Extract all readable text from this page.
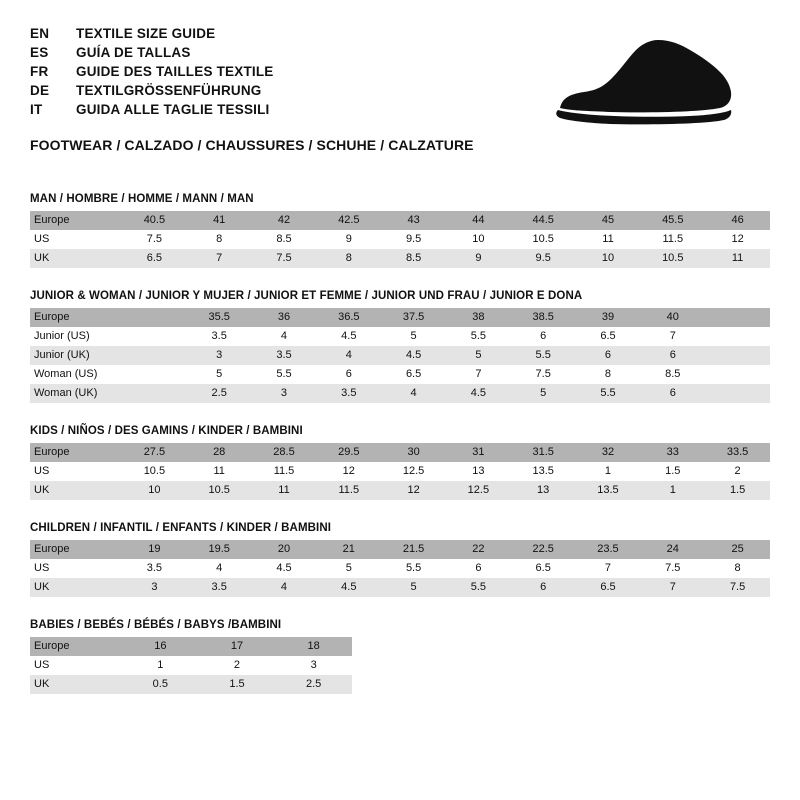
EN	TEXTILE SIZE GUIDE
ES	GUÍA DE TALLAS
FR	GUIDE DES TAILLES TEXTILE
DE	TEXTILGRÖSSENFÜHRUNG
IT	GUIDA ALLE TAGLIE TESSILI
FOOTWEAR / CALZADO / CHAUSSURES / SCHUHE / CALZATURE
MAN / HOMBRE / HOMME / MANN / MAN
Europe	40.5	41	42	42.5	43	44	44.5	45	45.5	46
US	7.5	8	8.5	9	9.5	10	10.5	11	11.5	12
UK	6.5	7	7.5	8	8.5	9	9.5	10	10.5	11
JUNIOR & WOMAN / JUNIOR Y MUJER / JUNIOR ET FEMME / JUNIOR UND FRAU / JUNIOR E DONA
Europe		35.5	36	36.5	37.5	38	38.5	39	40	
Junior (US)		3.5	4	4.5	5	5.5	6	6.5	7	
Junior (UK)		3	3.5	4	4.5	5	5.5	6	6	
Woman (US)		5	5.5	6	6.5	7	7.5	8	8.5	
Woman (UK)		2.5	3	3.5	4	4.5	5	5.5	6	
KIDS / NIÑOS / DES GAMINS / KINDER / BAMBINI
Europe	27.5	28	28.5	29.5	30	31	31.5	32	33	33.5
US	10.5	11	11.5	12	12.5	13	13.5	1	1.5	2
UK	10	10.5	11	11.5	12	12.5	13	13.5	1	1.5
CHILDREN / INFANTIL / ENFANTS / KINDER / BAMBINI
Europe	19	19.5	20	21	21.5	22	22.5	23.5	24	25
US	3.5	4	4.5	5	5.5	6	6.5	7	7.5	8
UK	3	3.5	4	4.5	5	5.5	6	6.5	7	7.5
BABIES / BEBÉS / BÉBÉS / BABYS /BAMBINI
Europe	16	17	18
US	1	2	3
UK	0.5	1.5	2.5
